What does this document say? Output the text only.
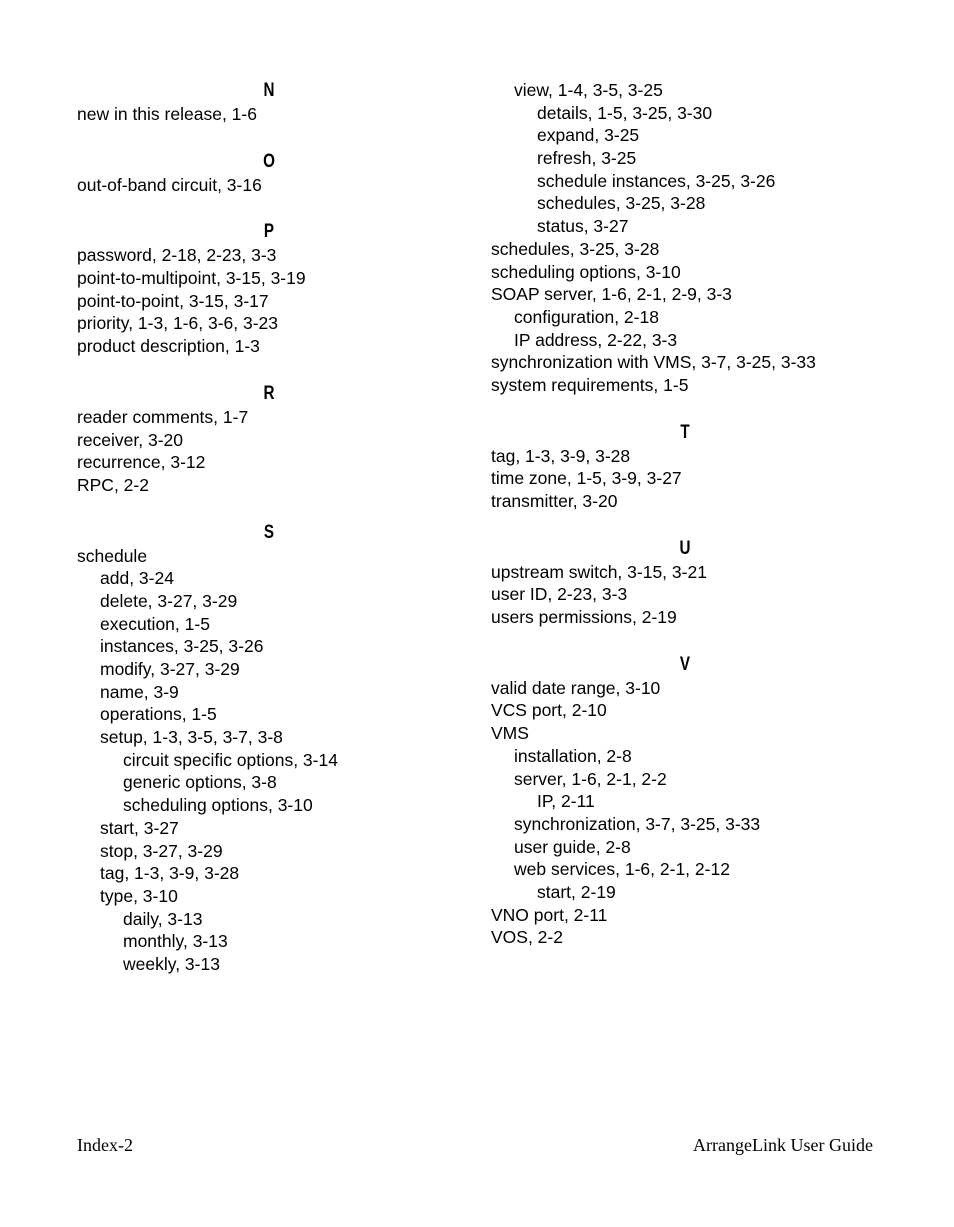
N
new in this release, 1-6
O
out-of-band circuit, 3-16
P
password, 2-18, 2-23, 3-3
point-to-multipoint, 3-15, 3-19
point-to-point, 3-15, 3-17
priority, 1-3, 1-6, 3-6, 3-23
product description, 1-3
R
reader comments, 1-7
receiver, 3-20
recurrence, 3-12
RPC, 2-2
S
schedule
add, 3-24
delete, 3-27, 3-29
execution, 1-5
instances, 3-25, 3-26
modify, 3-27, 3-29
name, 3-9
operations, 1-5
setup, 1-3, 3-5, 3-7, 3-8
circuit specific options, 3-14
generic options, 3-8
scheduling options, 3-10
start, 3-27
stop, 3-27, 3-29
tag, 1-3, 3-9, 3-28
type, 3-10
daily, 3-13
monthly, 3-13
weekly, 3-13
view, 1-4, 3-5, 3-25
details, 1-5, 3-25, 3-30
expand, 3-25
refresh, 3-25
schedule instances, 3-25, 3-26
schedules, 3-25, 3-28
status, 3-27
schedules, 3-25, 3-28
scheduling options, 3-10
SOAP server, 1-6, 2-1, 2-9, 3-3
configuration, 2-18
IP address, 2-22, 3-3
synchronization with VMS, 3-7, 3-25, 3-33
system requirements, 1-5
T
tag, 1-3, 3-9, 3-28
time zone, 1-5, 3-9, 3-27
transmitter, 3-20
U
upstream switch, 3-15, 3-21
user ID, 2-23, 3-3
users permissions, 2-19
V
valid date range, 3-10
VCS port, 2-10
VMS
installation, 2-8
server, 1-6, 2-1, 2-2
IP, 2-11
synchronization, 3-7, 3-25, 3-33
user guide, 2-8
web services, 1-6, 2-1, 2-12
start, 2-19
VNO port, 2-11
VOS, 2-2
Index-2	ArrangeLink User Guide
